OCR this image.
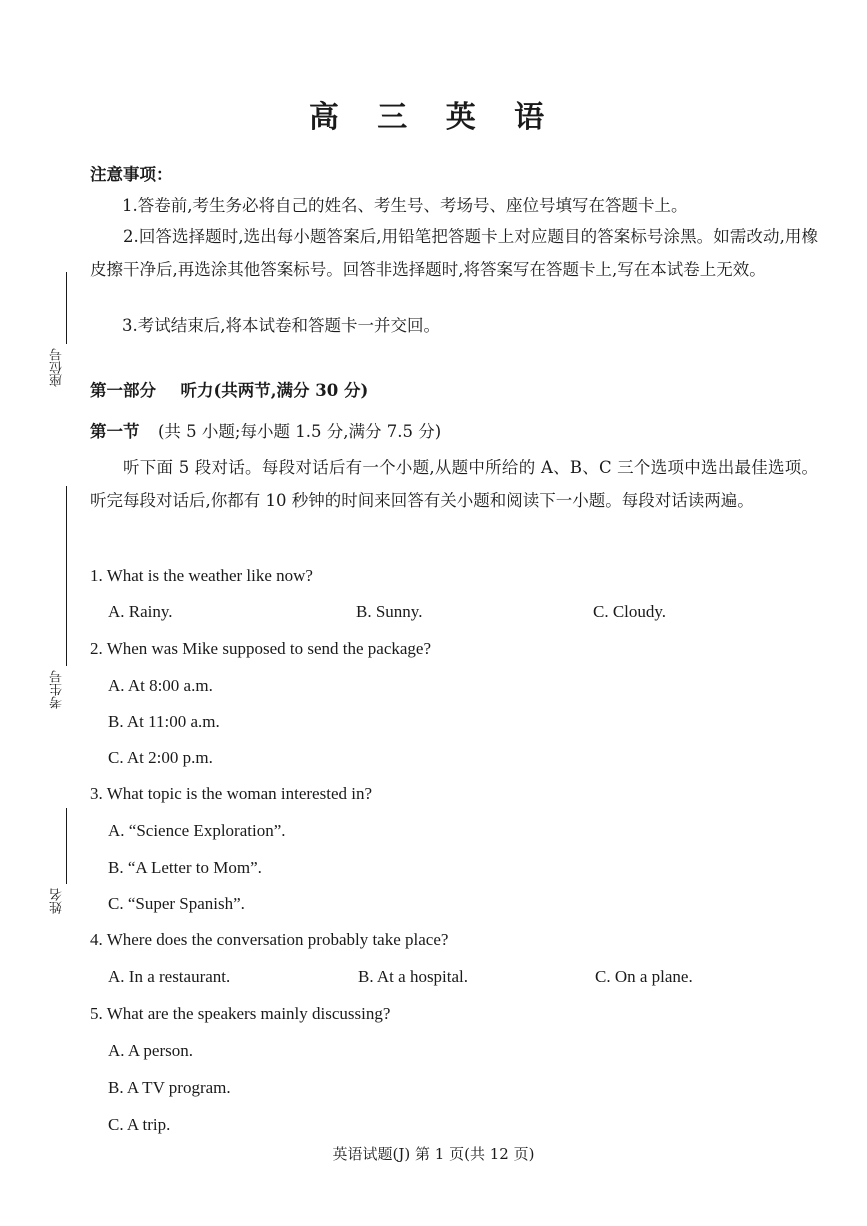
高 三 英 语
注意事项：
1.答卷前,考生务必将自己的姓名、考生号、考场号、座位号填写在答题卡上。
2.回答选择题时,选出每小题答案后,用铅笔把答题卡上对应题目的答案标号涂黑。如需改动,用橡皮擦干净后,再选涂其他答案标号。回答非选择题时,将答案写在答题卡上,写在本试卷上无效。
3.考试结束后,将本试卷和答题卡一并交回。
第一部分 听力(共两节,满分 30 分)
第一节 (共 5 小题;每小题 1.5 分,满分 7.5 分)
听下面 5 段对话。每段对话后有一个小题,从题中所给的 A、B、C 三个选项中选出最佳选项。听完每段对话后,你都有 10 秒钟的时间来回答有关小题和阅读下一小题。每段对话读两遍。
1. What is the weather like now?
A. Rainy.	B. Sunny.	C. Cloudy.
2. When was Mike supposed to send the package?
A. At 8:00 a.m.
B. At 11:00 a.m.
C. At 2:00 p.m.
3. What topic is the woman interested in?
A. “Science Exploration”.
B. “A Letter to Mom”.
C. “Super Spanish”.
4. Where does the conversation probably take place?
A. In a restaurant.	B. At a hospital.	C. On a plane.
5. What are the speakers mainly discussing?
A. A person.
B. A TV program.
C. A trip.
座位号
考生号
姓名
英语试题(J) 第 1 页(共 12 页)
